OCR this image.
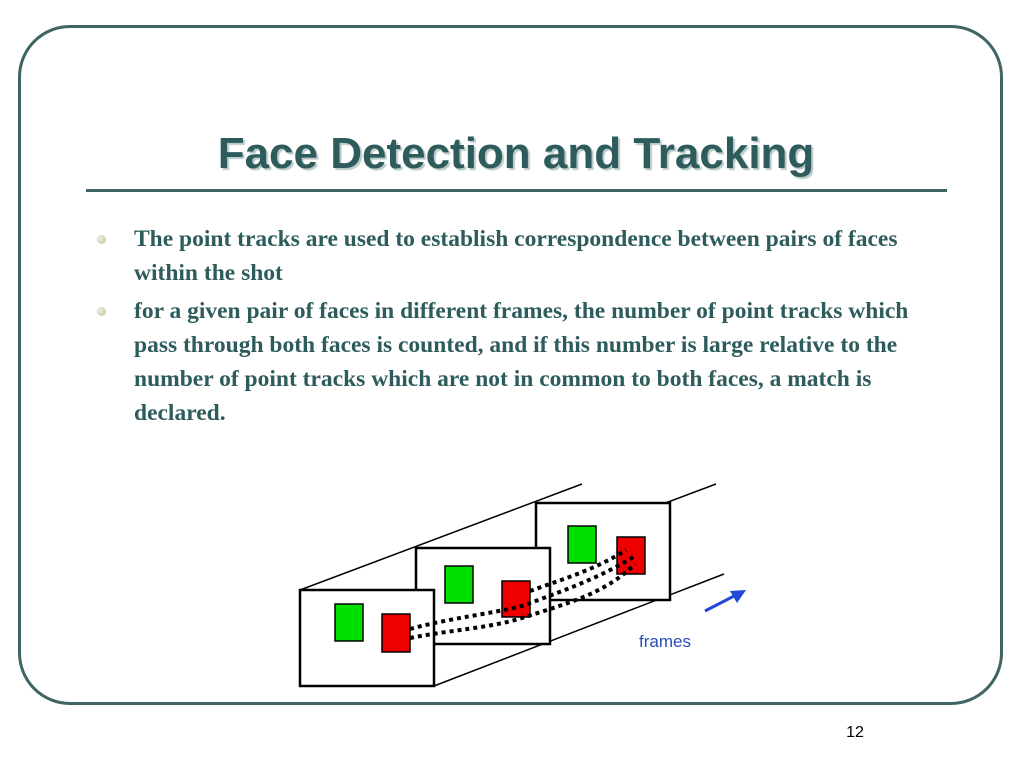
Face Detection and Tracking
The point tracks are used to establish correspondence between pairs of faces within the shot
for a given pair of faces in different frames, the number of point tracks which pass through both faces is counted, and if this number is large relative to the number of point tracks which are not in common to both faces, a match is declared.
frames
12
